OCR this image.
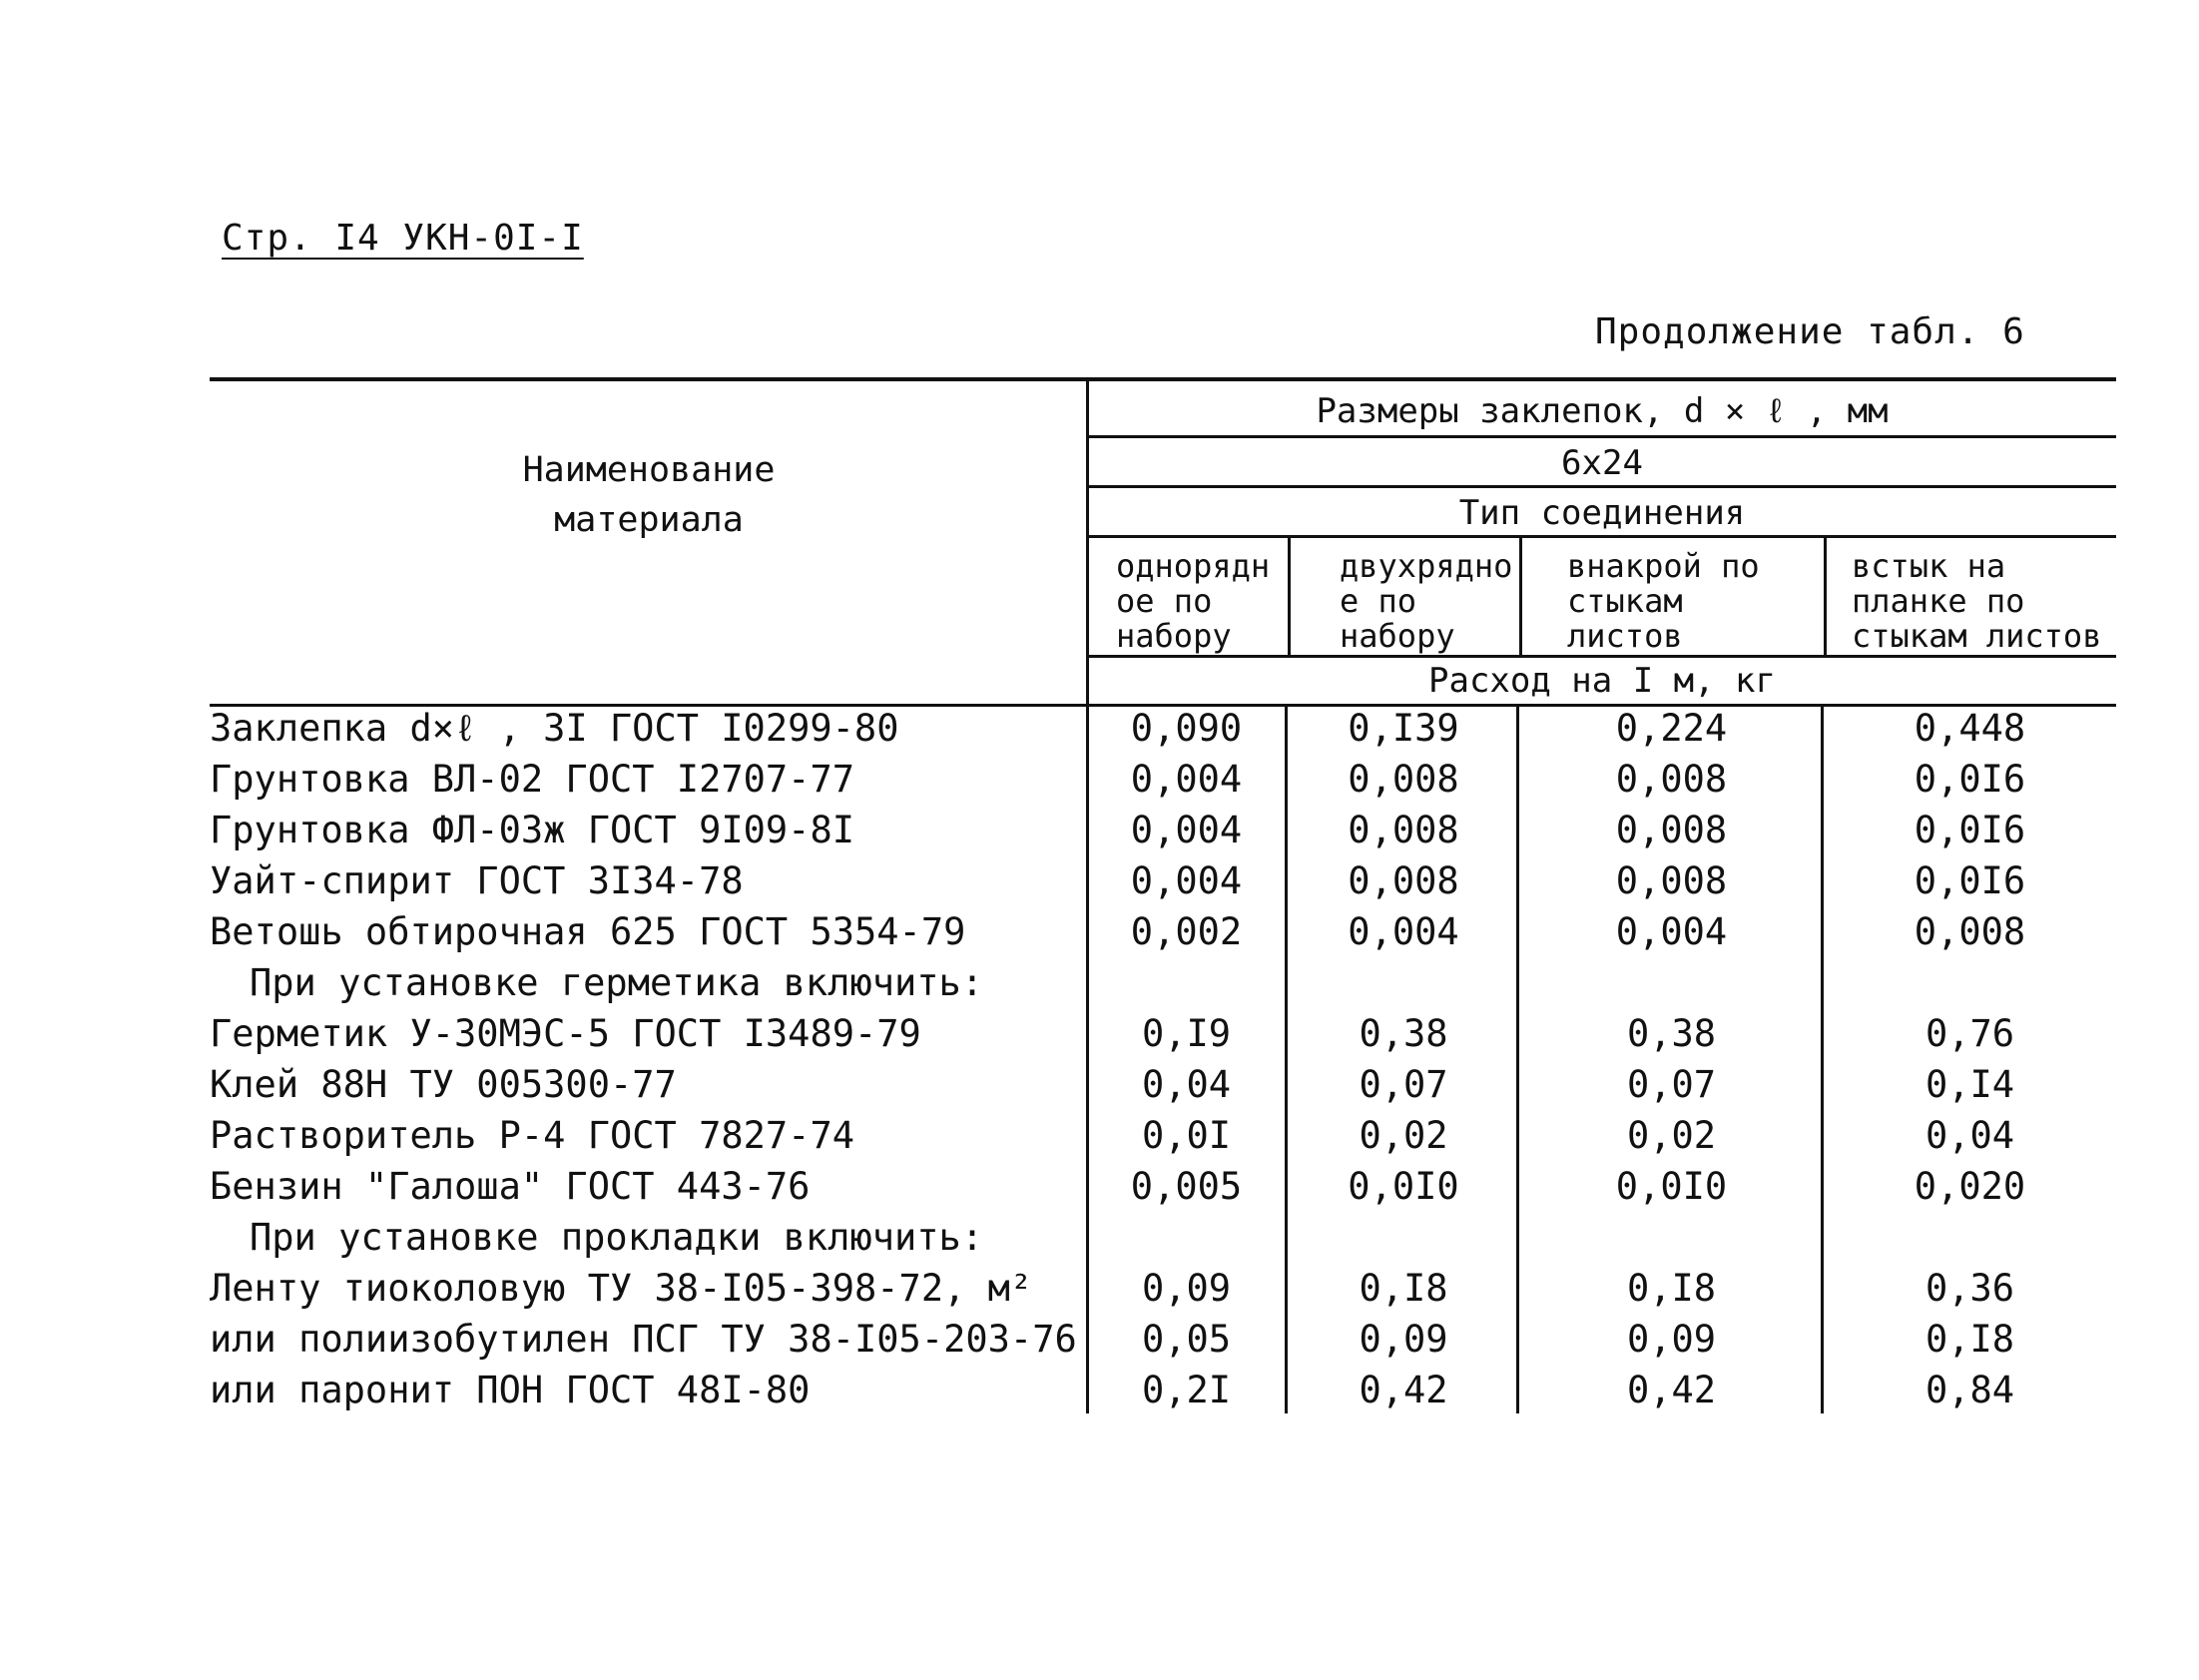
Стр. I4 УКН-0I-I
Продолжение табл. 6
Наименование
материала
Размеры заклепок, d × ℓ , мм
6x24
Тип соединения
однорядное по набору
двухрядное по набору
внакрой по стыкам листов
встык на планке по стыкам листов
Расход на I м, кг
Заклепка d×ℓ , 3I ГОСТ I0299-80	0,090	0,I39	0,224	0,448
Грунтовка ВЛ-02 ГОСТ I2707-77	0,004	0,008	0,008	0,0I6
Грунтовка ФЛ-03ж ГОСТ 9I09-8I	0,004	0,008	0,008	0,0I6
Уайт-спирит ГОСТ 3I34-78	0,004	0,008	0,008	0,0I6
Ветошь обтирочная 625 ГОСТ 5354-79	0,002	0,004	0,004	0,008
При установке герметика включить:
Герметик У-30МЭС-5 ГОСТ I3489-79	0,I9	0,38	0,38	0,76
Клей 88Н ТУ 005300-77	0,04	0,07	0,07	0,I4
Растворитель Р-4 ГОСТ 7827-74	0,0I	0,02	0,02	0,04
Бензин "Галоша" ГОСТ 443-76	0,005	0,0I0	0,0I0	0,020
При установке прокладки включить:
Ленту тиоколовую ТУ 38-I05-398-72, м²	0,09	0,I8	0,I8	0,36
или полиизобутилен ПСГ ТУ 38-I05-203-76	0,05	0,09	0,09	0,I8
или паронит ПОН ГОСТ 48I-80	0,2I	0,42	0,42	0,84
